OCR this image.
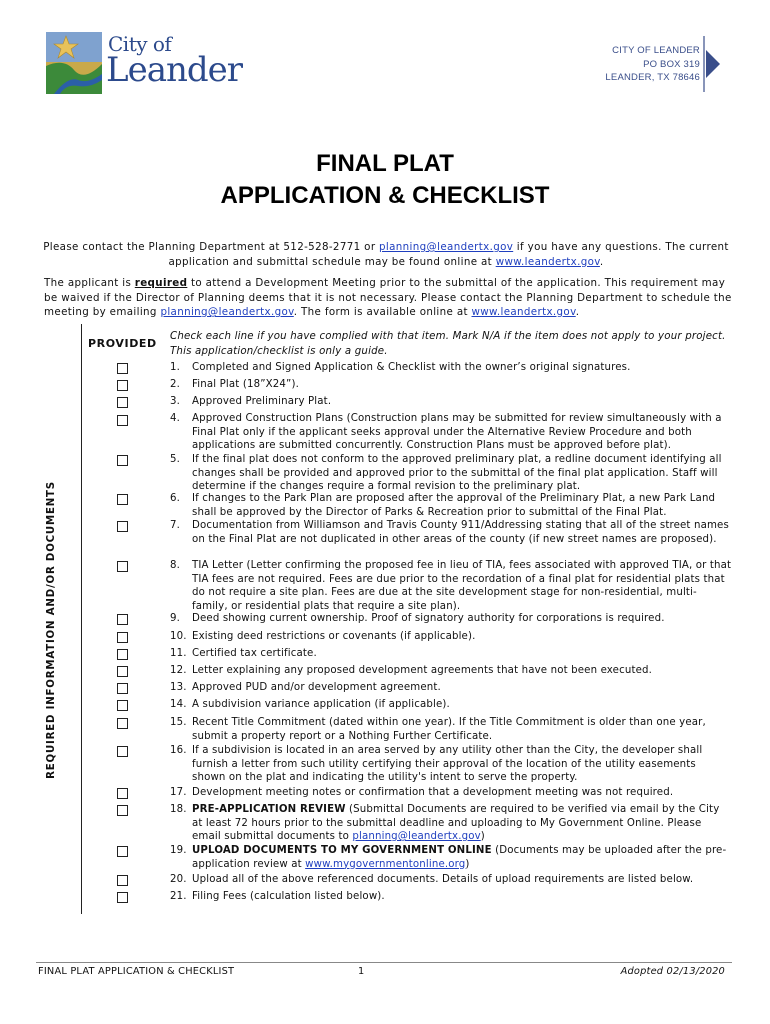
City of
Leander	CITY OF LEANDER
PO BOX 319
LEANDER, TX 78646
FINAL PLAT
APPLICATION & CHECKLIST
Please contact the Planning Department at 512-528-2771 or planning@leandertx.gov if you have any questions. The current application and submittal schedule may be found online at www.leandertx.gov.
The applicant is required to attend a Development Meeting prior to the submittal of the application. This requirement may be waived if the Director of Planning deems that it is not necessary. Please contact the Planning Department to schedule the meeting by emailing planning@leandertx.gov. The form is available online at www.leandertx.gov.
REQUIRED INFORMATION AND/OR DOCUMENTS
PROVIDED
Check each line if you have complied with that item. Mark N/A if the item does not apply to your project. This application/checklist is only a guide.
1.	Completed and Signed Application & Checklist with the owner’s original signatures.
2.	Final Plat (18”X24”).
3.	Approved Preliminary Plat.
4.	Approved Construction Plans (Construction plans may be submitted for review simultaneously with a Final Plat only if the applicant seeks approval under the Alternative Review Procedure and both applications are submitted concurrently. Construction Plans must be approved before plat).
5.	If the final plat does not conform to the approved preliminary plat, a redline document identifying all changes shall be provided and approved prior to the submittal of the final plat application. Staff will determine if the changes require a formal revision to the preliminary plat.
6.	If changes to the Park Plan are proposed after the approval of the Preliminary Plat, a new Park Land shall be approved by the Director of Parks & Recreation prior to submittal of the Final Plat.
7.	Documentation from Williamson and Travis County 911/Addressing stating that all of the street names on the Final Plat are not duplicated in other areas of the county (if new street names are proposed).
8.	TIA Letter (Letter confirming the proposed fee in lieu of TIA, fees associated with approved TIA, or that TIA fees are not required. Fees are due prior to the recordation of a final plat for residential plats that do not require a site plan. Fees are due at the site development stage for non-residential, multi-family, or residential plats that require a site plan).
9.	Deed showing current ownership. Proof of signatory authority for corporations is required.
10. Existing deed restrictions or covenants (if applicable).
11. Certified tax certificate.
12. Letter explaining any proposed development agreements that have not been executed.
13. Approved PUD and/or development agreement.
14. A subdivision variance application (if applicable).
15. Recent Title Commitment (dated within one year). If the Title Commitment is older than one year, submit a property report or a Nothing Further Certificate.
16. If a subdivision is located in an area served by any utility other than the City, the developer shall furnish a letter from such utility certifying their approval of the location of the utility easements shown on the plat and indicating the utility's intent to serve the property.
17. Development meeting notes or confirmation that a development meeting was not required.
18. PRE-APPLICATION REVIEW (Submittal Documents are required to be verified via email by the City at least 72 hours prior to the submittal deadline and uploading to My Government Online. Please email submittal documents to planning@leandertx.gov)
19. UPLOAD DOCUMENTS TO MY GOVERNMENT ONLINE (Documents may be uploaded after the pre-application review at www.mygovernmentonline.org)
20. Upload all of the above referenced documents. Details of upload requirements are listed below.
21. Filing Fees (calculation listed below).
FINAL PLAT APPLICATION & CHECKLIST	1	Adopted 02/13/2020
